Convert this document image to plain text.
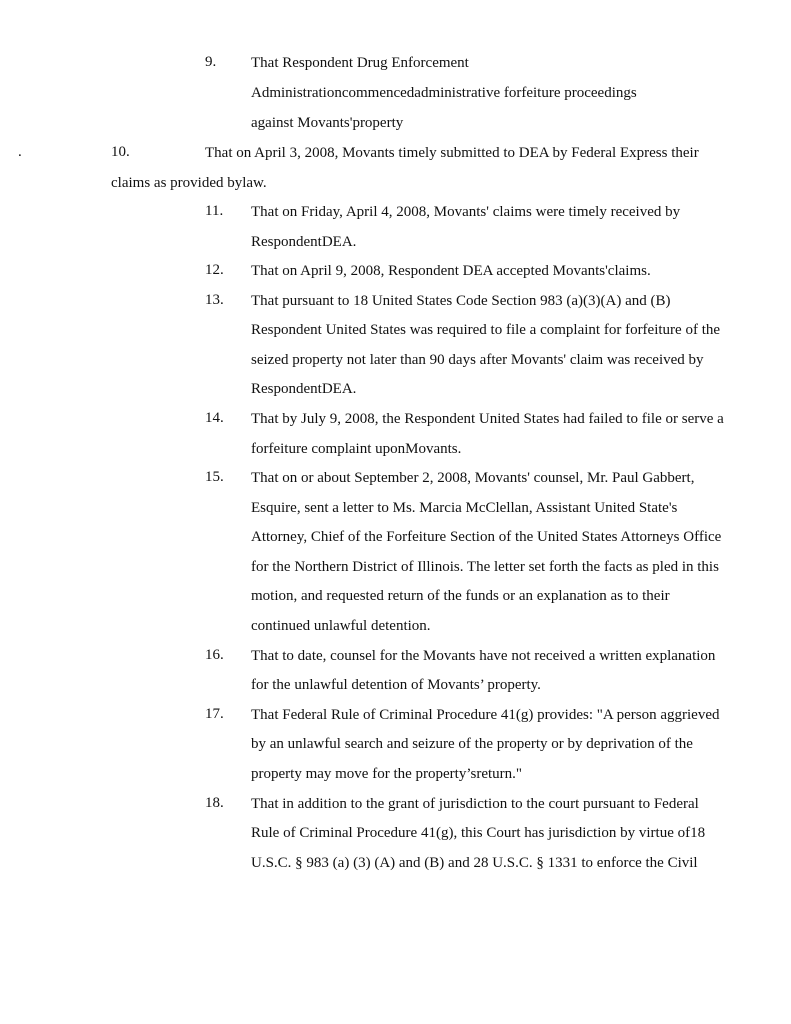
.
9. That Respondent Drug Enforcement
Administrationcommencedadministrative forfeiture proceedings
against Movants'property
10.	That on April 3, 2008, Movants timely submitted to DEA by Federal Express their
claims as provided bylaw.
11. That on Friday, April 4, 2008, Movants' claims were timely received by
RespondentDEA.
12. That on April 9, 2008, Respondent DEA accepted Movants'claims.
13. That pursuant to 18 United States Code Section 983 (a)(3)(A) and (B)
Respondent United States was required to file a complaint for forfeiture of the
seized property not later than 90 days after Movants' claim was received by
RespondentDEA.
14. That by July 9, 2008, the Respondent United States had failed to file or serve a
forfeiture complaint uponMovants.
15. That on or about September 2, 2008, Movants' counsel, Mr. Paul Gabbert,
Esquire, sent a letter to Ms. Marcia McClellan, Assistant United State's
Attorney, Chief of the Forfeiture Section of the United States Attorneys Office
for the Northern District of Illinois. The letter set forth the facts as pled in this
motion, and requested return of the funds or an explanation as to their
continued unlawful detention.
16. That to date, counsel for the Movants have not received a written explanation
for the unlawful detention of Movants’ property.
17. That Federal Rule of Criminal Procedure 41(g) provides: "A person aggrieved
by an unlawful search and seizure of the property or by deprivation of the
property may move for the property’sreturn."
18. That in addition to the grant of jurisdiction to the court pursuant to Federal
Rule of Criminal Procedure 41(g), this Court has jurisdiction by virtue of18
U.S.C. § 983 (a) (3) (A) and (B) and 28 U.S.C. § 1331 to enforce the Civil
